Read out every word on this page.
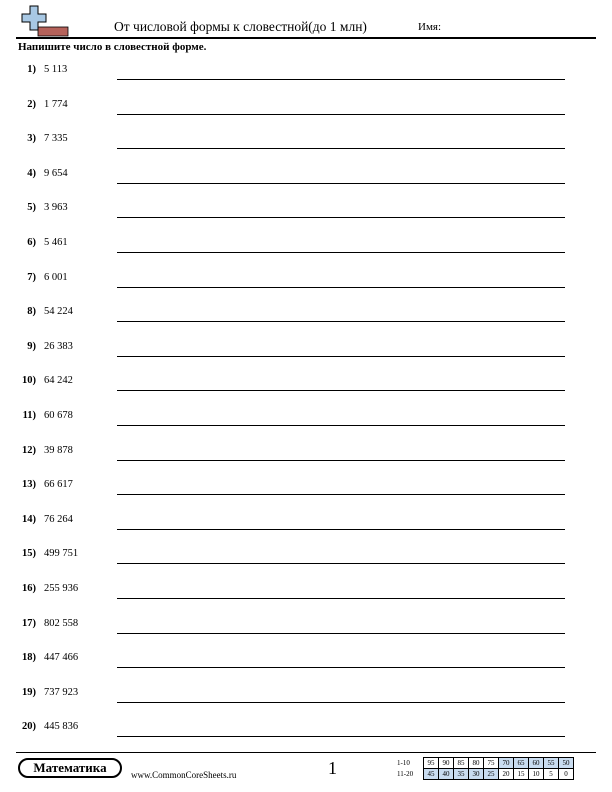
От числовой формы к словестной(до 1 млн)	Имя:
Напишите число в словестной форме.
1) 5 113
2) 1 774
3) 7 335
4) 9 654
5) 3 963
6) 5 461
7) 6 001
8) 54 224
9) 26 383
10) 64 242
11) 60 678
12) 39 878
13) 66 617
14) 76 264
15) 499 751
16) 255 936
17) 802 558
18) 447 466
19) 737 923
20) 445 836
Математика	www.CommonCoreSheets.ru	1	1-10	95	90	85	80	75	70	65	60	55	50
11-20	45	40	35	30	25	20	15	10	5	0
